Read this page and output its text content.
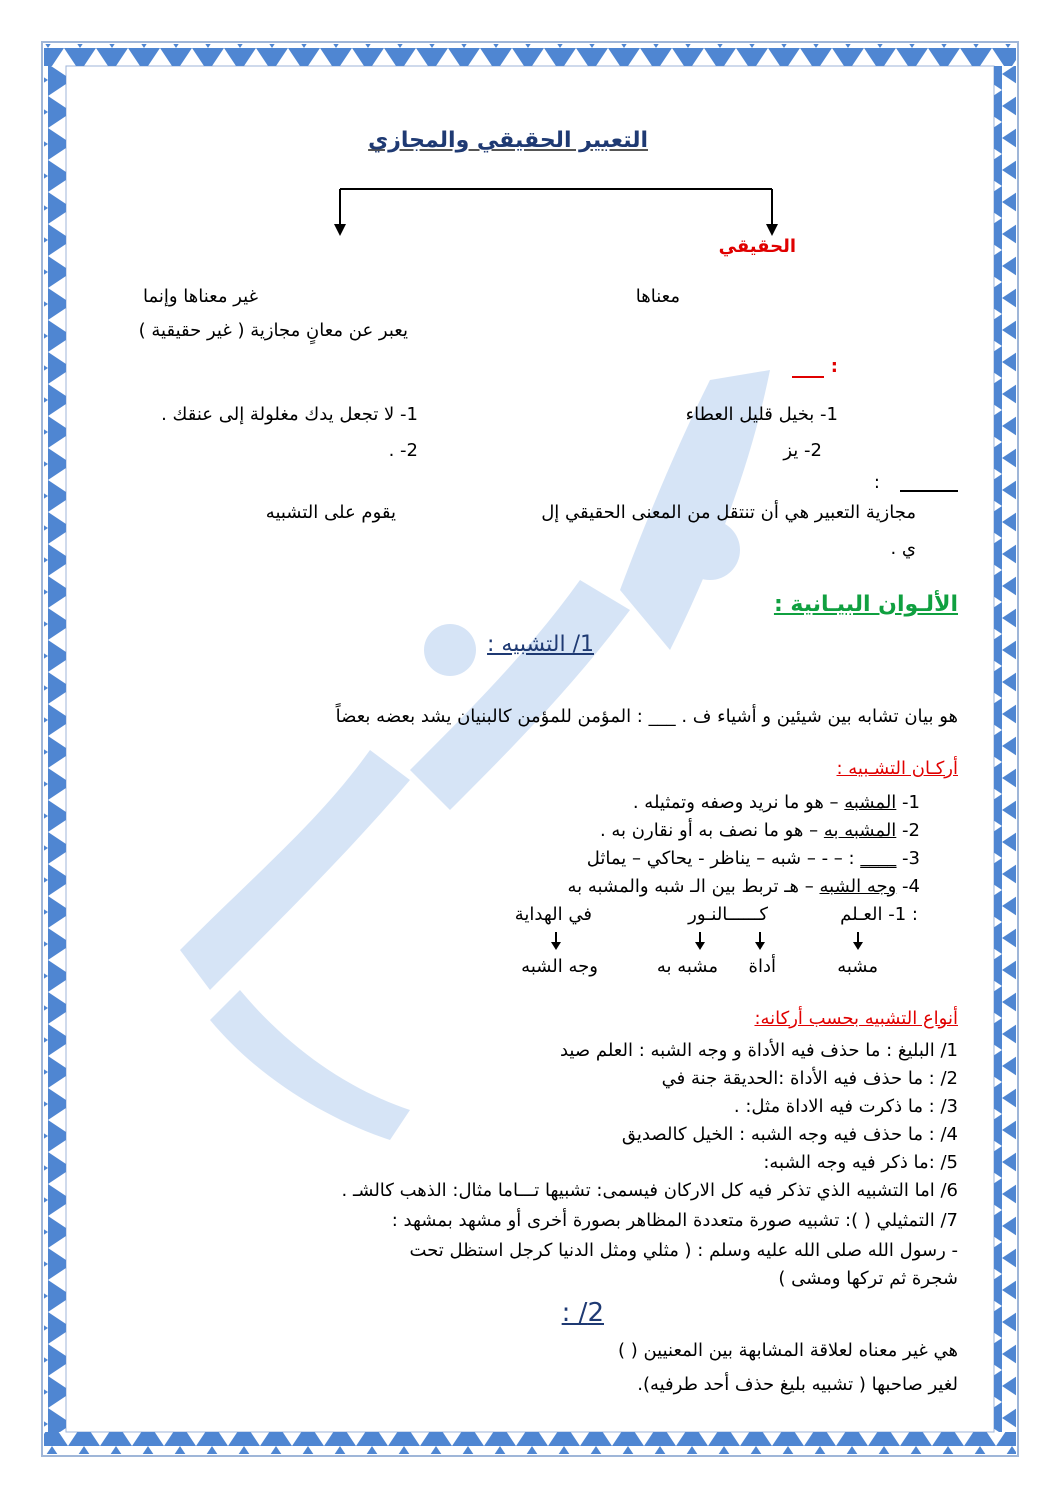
التعبير الحقيقي والمجازي
الحقيقي
غير معناها وإنما
يعبر عن معانٍ مجازية ( غير حقيقية )
معناها
:
1- بخيل قليل العطاء
2- يز
1- لا تجعل يدك مغلولة إلى عنقك .
2- .
:
مجازية التعبير هي أن تنتقل من المعنى الحقيقي إل
يقوم على التشبيه
ي .
الألـوان البيـانية :
1/ التشبيه :
هو بيان تشابه بين شيئين و أشياء ف . ___ : المؤمن للمؤمن كالبنيان يشد بعضه بعضاً
أركـان التشـبيه :
1- المشبه – هو ما نريد وصفه وتمثيله .
2- المشبه به – هو ما نصف به أو نقارن به .
3- ____ : – - – شبه – يناظر - يحاكي – يماثل
4- وجه الشبه – هـ تربط بين الـ شبه والمشبه به
: 1- العـلم
كــــــالنـور
في الهداية
مشبه
أداة
مشبه به
وجه الشبه
أنواع التشبيه بحسب أركانه:
1/ البليغ : ما حذف فيه الأداة و وجه الشبه : العلم صيد
2/ : ما حذف فيه الأداة :الحديقة جنة في
3/ : ما ذكرت فيه الاداة مثل: .
4/ : ما حذف فيه وجه الشبه : الخيل كالصديق
5/ :ما ذكر فيه وجه الشبه:
6/ اما التشبيه الذي تذكر فيه كل الاركان فيسمى: تشبيها تـــاما مثال: الذهب كالشـ .
7/ التمثيلي ( ): تشبيه صورة متعددة المظاهر بصورة أخرى أو مشهد بمشهد :
- رسول الله صلى الله عليه وسلم : ( مثلي ومثل الدنيا كرجل استظل تحت
شجرة ثم تركها ومشى )
2/ :
هي غير معناه لعلاقة المشابهة بين المعنيين ( )
لغير صاحبها ( تشبيه بليغ حذف أحد طرفيه).
